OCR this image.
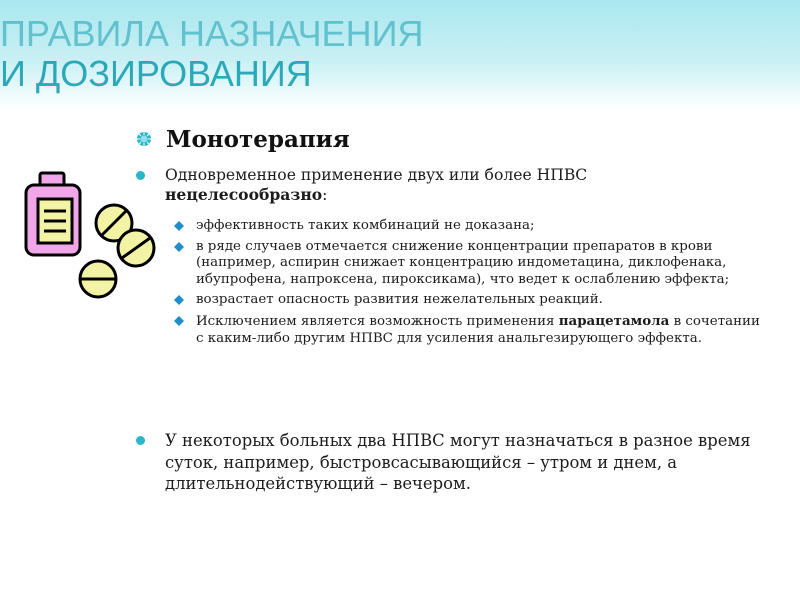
ПРАВИЛА НАЗНАЧЕНИЯ
И ДОЗИРОВАНИЯ
Монотерапия
Одновременное применение двух или более НПВС нецелесообразно:
эффективность таких комбинаций не доказана;
в ряде случаев отмечается снижение концентрации препаратов в крови (например, аспирин снижает концентрацию индометацина, диклофенака, ибупрофена, напроксена, пироксикама), что ведет к ослаблению эффекта;
возрастает опасность развития нежелательных реакций.
Исключением является возможность применения парацетамола в сочетании с каким-либо другим НПВС для усиления анальгезирующего эффекта.
У некоторых больных два НПВС могут назначаться в разное время суток, например, быстровсасывающийся – утром и днем, а длительнодействующий – вечером.
